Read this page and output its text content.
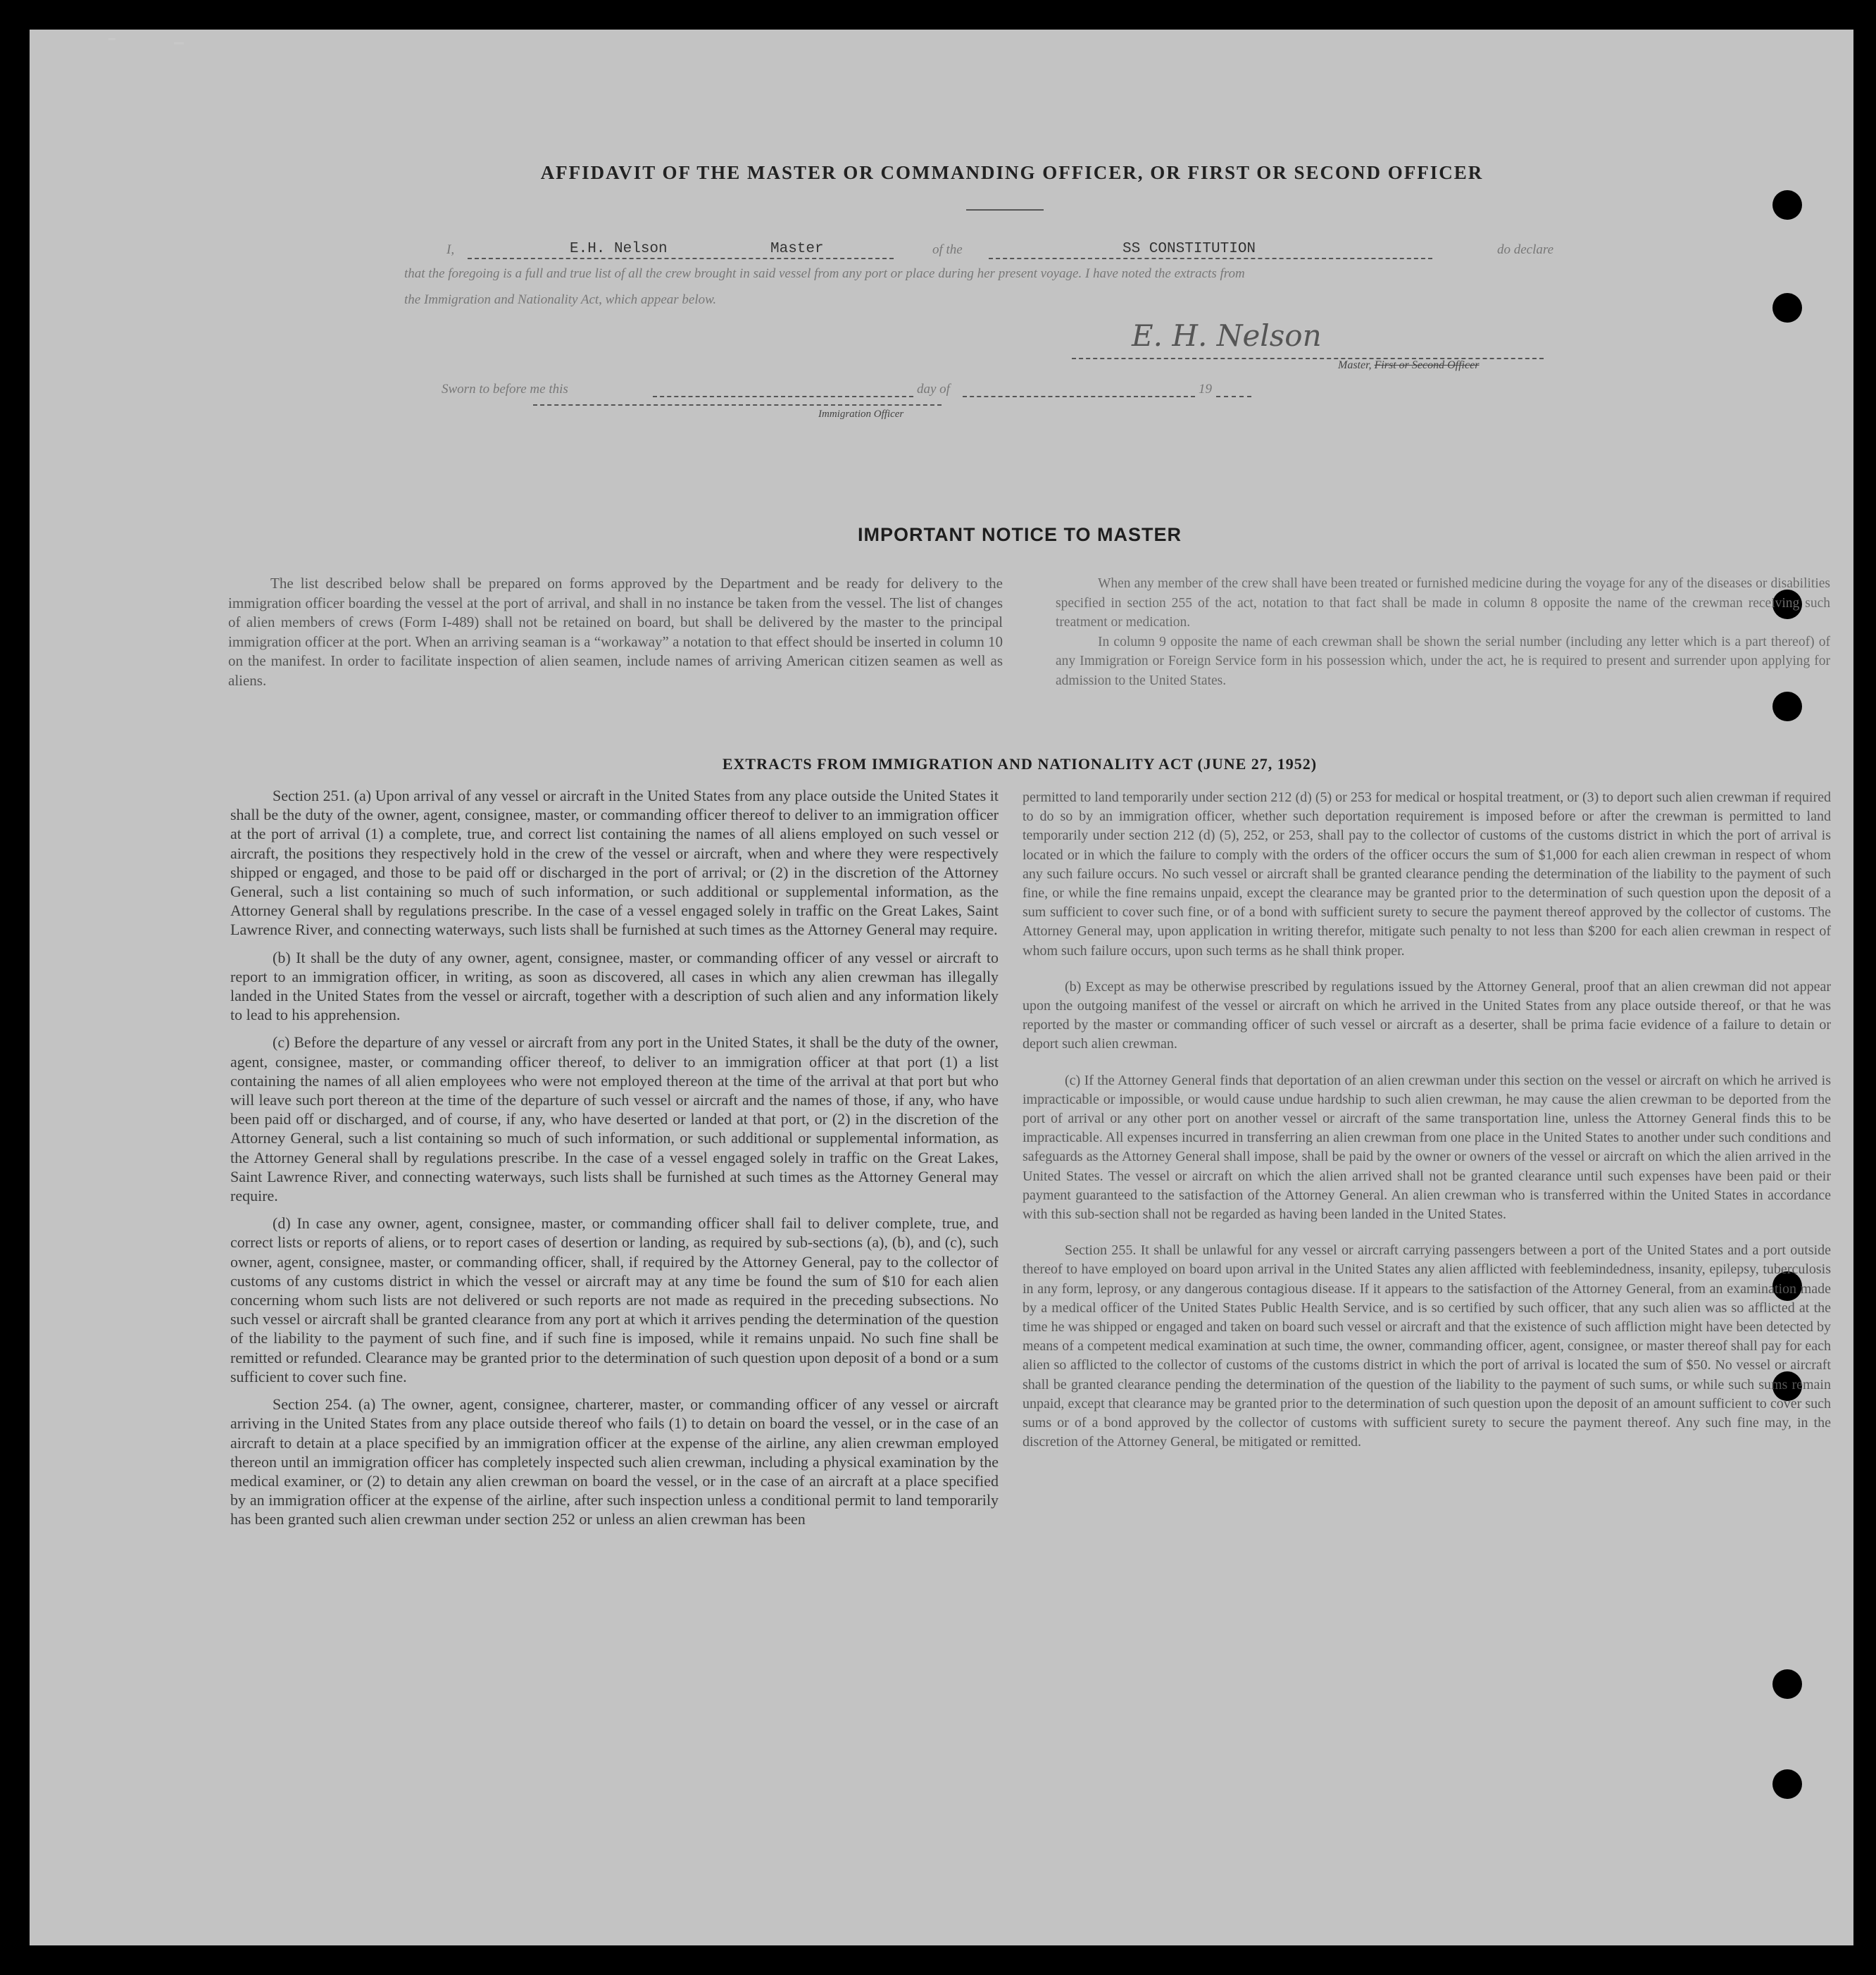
AFFIDAVIT OF THE MASTER OR COMMANDING OFFICER, OR FIRST OR SECOND OFFICER
I,	E.H. Nelson	Master	of the	SS CONSTITUTION	do declare
that the foregoing is a full and true list of all the crew brought in said vessel from any port or place during her present voyage. I have noted the extracts from
the Immigration and Nationality Act, which appear below.
E. H. Nelson
Master, First or Second Officer
Sworn to before me this	day of	19
Immigration Officer
IMPORTANT NOTICE TO MASTER

The list described below shall be prepared on forms approved by the Department and be ready for delivery to the immigration officer boarding the vessel at the port of arrival, and shall in no instance be taken from the vessel. The list of changes of alien members of crews (Form I-489) shall not be retained on board, but shall be delivered by the master to the principal immigration officer at the port. When an arriving seaman is a “workaway” a notation to that effect should be inserted in column 10 on the manifest. In order to facilitate inspection of alien seamen, include names of arriving American citizen seamen as well as aliens.

When any member of the crew shall have been treated or furnished medicine during the voyage for any of the diseases or disabilities specified in section 255 of the act, notation to that fact shall be made in column 8 opposite the name of the crewman receiving such treatment or medication.

In column 9 opposite the name of each crewman shall be shown the serial number (including any letter which is a part thereof) of any Immigration or Foreign Service form in his possession which, under the act, he is required to present and surrender upon applying for admission to the United States.

EXTRACTS FROM IMMIGRATION AND NATIONALITY ACT (JUNE 27, 1952)

Section 251. (a) Upon arrival of any vessel or aircraft in the United States from any place outside the United States it shall be the duty of the owner, agent, consignee, master, or commanding officer thereof to deliver to an immigration officer at the port of arrival (1) a complete, true, and correct list containing the names of all aliens employed on such vessel or aircraft, the positions they respectively hold in the crew of the vessel or aircraft, when and where they were respectively shipped or engaged, and those to be paid off or discharged in the port of arrival; or (2) in the discretion of the Attorney General, such a list containing so much of such information, or such additional or supplemental information, as the Attorney General shall by regulations prescribe. In the case of a vessel engaged solely in traffic on the Great Lakes, Saint Lawrence River, and connecting waterways, such lists shall be furnished at such times as the Attorney General may require.

(b) It shall be the duty of any owner, agent, consignee, master, or commanding officer of any vessel or aircraft to report to an immigration officer, in writing, as soon as discovered, all cases in which any alien crewman has illegally landed in the United States from the vessel or aircraft, together with a description of such alien and any information likely to lead to his apprehension.

(c) Before the departure of any vessel or aircraft from any port in the United States, it shall be the duty of the owner, agent, consignee, master, or commanding officer thereof, to deliver to an immigration officer at that port (1) a list containing the names of all alien employees who were not employed thereon at the time of the arrival at that port but who will leave such port thereon at the time of the departure of such vessel or aircraft and the names of those, if any, who have been paid off or discharged, and of course, if any, who have deserted or landed at that port, or (2) in the discretion of the Attorney General, such a list containing so much of such information, or such additional or supplemental information, as the Attorney General shall by regulations prescribe. In the case of a vessel engaged solely in traffic on the Great Lakes, Saint Lawrence River, and connecting waterways, such lists shall be furnished at such times as the Attorney General may require.

(d) In case any owner, agent, consignee, master, or commanding officer shall fail to deliver complete, true, and correct lists or reports of aliens, or to report cases of desertion or landing, as required by sub-sections (a), (b), and (c), such owner, agent, consignee, master, or commanding officer, shall, if required by the Attorney General, pay to the collector of customs of any customs district in which the vessel or aircraft may at any time be found the sum of $10 for each alien concerning whom such lists are not delivered or such reports are not made as required in the preceding subsections. No such vessel or aircraft shall be granted clearance from any port at which it arrives pending the determination of the question of the liability to the payment of such fine, and if such fine is imposed, while it remains unpaid. No such fine shall be remitted or refunded. Clearance may be granted prior to the determination of such question upon deposit of a bond or a sum sufficient to cover such fine.

Section 254. (a) The owner, agent, consignee, charterer, master, or commanding officer of any vessel or aircraft arriving in the United States from any place outside thereof who fails (1) to detain on board the vessel, or in the case of an aircraft to detain at a place specified by an immigration officer at the expense of the airline, any alien crewman employed thereon until an immigration officer has completely inspected such alien crewman, including a physical examination by the medical examiner, or (2) to detain any alien crewman on board the vessel, or in the case of an aircraft at a place specified by an immigration officer at the expense of the airline, after such inspection unless a conditional permit to land temporarily has been granted such alien crewman under section 252 or unless an alien crewman has been

permitted to land temporarily under section 212 (d) (5) or 253 for medical or hospital treatment, or (3) to deport such alien crewman if required to do so by an immigration officer, whether such deportation requirement is imposed before or after the crewman is permitted to land temporarily under section 212 (d) (5), 252, or 253, shall pay to the collector of customs of the customs district in which the port of arrival is located or in which the failure to comply with the orders of the officer occurs the sum of $1,000 for each alien crewman in respect of whom any such failure occurs. No such vessel or aircraft shall be granted clearance pending the determination of the liability to the payment of such fine, or while the fine remains unpaid, except the clearance may be granted prior to the determination of such question upon the deposit of a sum sufficient to cover such fine, or of a bond with sufficient surety to secure the payment thereof approved by the collector of customs. The Attorney General may, upon application in writing therefor, mitigate such penalty to not less than $200 for each alien crewman in respect of whom such failure occurs, upon such terms as he shall think proper.

(b) Except as may be otherwise prescribed by regulations issued by the Attorney General, proof that an alien crewman did not appear upon the outgoing manifest of the vessel or aircraft on which he arrived in the United States from any place outside thereof, or that he was reported by the master or commanding officer of such vessel or aircraft as a deserter, shall be prima facie evidence of a failure to detain or deport such alien crewman.

(c) If the Attorney General finds that deportation of an alien crewman under this section on the vessel or aircraft on which he arrived is impracticable or impossible, or would cause undue hardship to such alien crewman, he may cause the alien crewman to be deported from the port of arrival or any other port on another vessel or aircraft of the same transportation line, unless the Attorney General finds this to be impracticable. All expenses incurred in transferring an alien crewman from one place in the United States to another under such conditions and safeguards as the Attorney General shall impose, shall be paid by the owner or owners of the vessel or aircraft on which the alien arrived in the United States. The vessel or aircraft on which the alien arrived shall not be granted clearance until such expenses have been paid or their payment guaranteed to the satisfaction of the Attorney General. An alien crewman who is transferred within the United States in accordance with this sub-section shall not be regarded as having been landed in the United States.

Section 255. It shall be unlawful for any vessel or aircraft carrying passengers between a port of the United States and a port outside thereof to have employed on board upon arrival in the United States any alien afflicted with feeblemindedness, insanity, epilepsy, tuberculosis in any form, leprosy, or any dangerous contagious disease. If it appears to the satisfaction of the Attorney General, from an examination made by a medical officer of the United States Public Health Service, and is so certified by such officer, that any such alien was so afflicted at the time he was shipped or engaged and taken on board such vessel or aircraft and that the existence of such affliction might have been detected by means of a competent medical examination at such time, the owner, commanding officer, agent, consignee, or master thereof shall pay for each alien so afflicted to the collector of customs of the customs district in which the port of arrival is located the sum of $50. No vessel or aircraft shall be granted clearance pending the determination of the question of the liability to the payment of such sums, or while such sums remain unpaid, except that clearance may be granted prior to the determination of such question upon the deposit of an amount sufficient to cover such sums or of a bond approved by the collector of customs with sufficient surety to secure the payment thereof. Any such fine may, in the discretion of the Attorney General, be mitigated or remitted.
